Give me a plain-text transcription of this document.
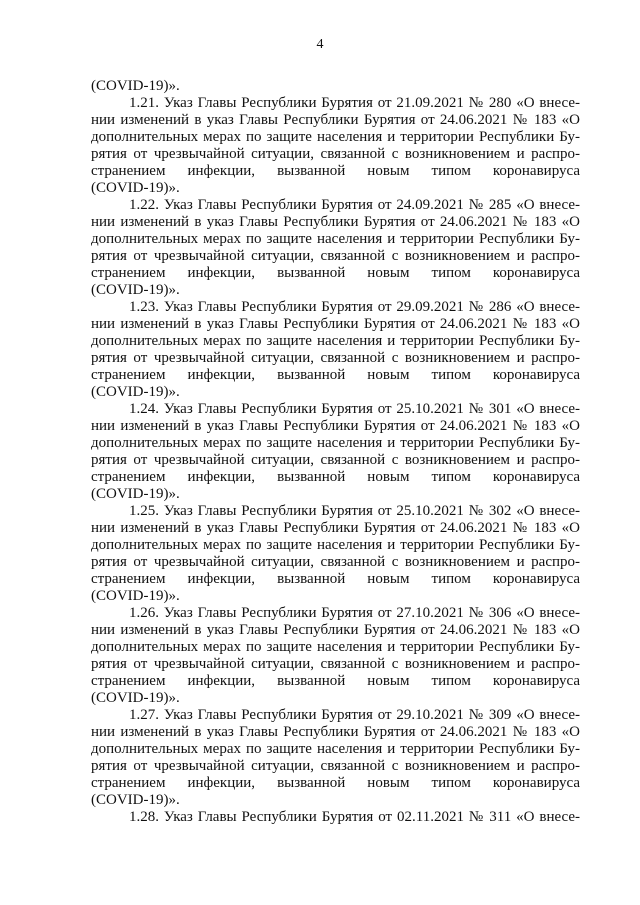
4
(COVID-19)».
1.21. Указ Главы Республики Бурятия от 21.09.2021 № 280 «О внесе-
нии изменений в указ Главы Республики Бурятия от 24.06.2021 № 183 «О
дополнительных мерах по защите населения и территории Республики Бу-
рятия от чрезвычайной ситуации, связанной с возникновением и распро-
странением инфекции, вызванной новым типом коронавируса
(COVID-19)».
1.22. Указ Главы Республики Бурятия от 24.09.2021 № 285 «О внесе-
нии изменений в указ Главы Республики Бурятия от 24.06.2021 № 183 «О
дополнительных мерах по защите населения и территории Республики Бу-
рятия от чрезвычайной ситуации, связанной с возникновением и распро-
странением инфекции, вызванной новым типом коронавируса
(COVID-19)».
1.23. Указ Главы Республики Бурятия от 29.09.2021 № 286 «О внесе-
нии изменений в указ Главы Республики Бурятия от 24.06.2021 № 183 «О
дополнительных мерах по защите населения и территории Республики Бу-
рятия от чрезвычайной ситуации, связанной с возникновением и распро-
странением инфекции, вызванной новым типом коронавируса
(COVID-19)».
1.24. Указ Главы Республики Бурятия от 25.10.2021 № 301 «О внесе-
нии изменений в указ Главы Республики Бурятия от 24.06.2021 № 183 «О
дополнительных мерах по защите населения и территории Республики Бу-
рятия от чрезвычайной ситуации, связанной с возникновением и распро-
странением инфекции, вызванной новым типом коронавируса
(COVID-19)».
1.25. Указ Главы Республики Бурятия от 25.10.2021 № 302 «О внесе-
нии изменений в указ Главы Республики Бурятия от 24.06.2021 № 183 «О
дополнительных мерах по защите населения и территории Республики Бу-
рятия от чрезвычайной ситуации, связанной с возникновением и распро-
странением инфекции, вызванной новым типом коронавируса
(COVID-19)».
1.26. Указ Главы Республики Бурятия от 27.10.2021 № 306 «О внесе-
нии изменений в указ Главы Республики Бурятия от 24.06.2021 № 183 «О
дополнительных мерах по защите населения и территории Республики Бу-
рятия от чрезвычайной ситуации, связанной с возникновением и распро-
странением инфекции, вызванной новым типом коронавируса
(COVID-19)».
1.27. Указ Главы Республики Бурятия от 29.10.2021 № 309 «О внесе-
нии изменений в указ Главы Республики Бурятия от 24.06.2021 № 183 «О
дополнительных мерах по защите населения и территории Республики Бу-
рятия от чрезвычайной ситуации, связанной с возникновением и распро-
странением инфекции, вызванной новым типом коронавируса
(COVID-19)».
1.28. Указ Главы Республики Бурятия от 02.11.2021 № 311 «О внесе-
